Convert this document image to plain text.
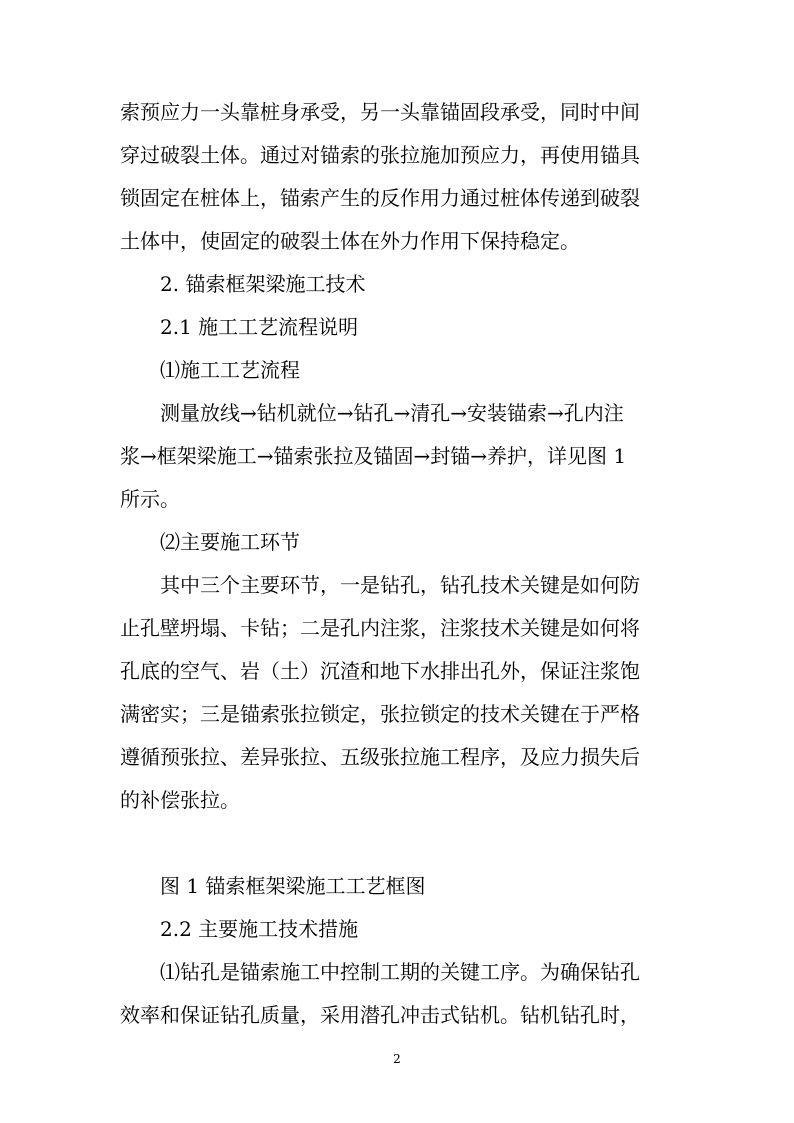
索预应力一头靠桩身承受，另一头靠锚固段承受，同时中间
穿过破裂土体。通过对锚索的张拉施加预应力，再使用锚具
锁固定在桩体上，锚索产生的反作用力通过桩体传递到破裂
土体中，使固定的破裂土体在外力作用下保持稳定。
2. 锚索框架梁施工技术
2.1 施工工艺流程说明
⑴施工工艺流程
测量放线→钻机就位→钻孔→清孔→安装锚索→孔内注
浆→框架梁施工→锚索张拉及锚固→封锚→养护，详见图 1
所示。
⑵主要施工环节
其中三个主要环节，一是钻孔，钻孔技术关键是如何防
止孔壁坍塌、卡钻；二是孔内注浆，注浆技术关键是如何将
孔底的空气、岩（土）沉渣和地下水排出孔外，保证注浆饱
满密实；三是锚索张拉锁定，张拉锁定的技术关键在于严格
遵循预张拉、差异张拉、五级张拉施工程序，及应力损失后
的补偿张拉。
图 1 锚索框架梁施工工艺框图
2.2 主要施工技术措施
⑴钻孔是锚索施工中控制工期的关键工序。为确保钻孔
效率和保证钻孔质量，采用潜孔冲击式钻机。钻机钻孔时，
2
